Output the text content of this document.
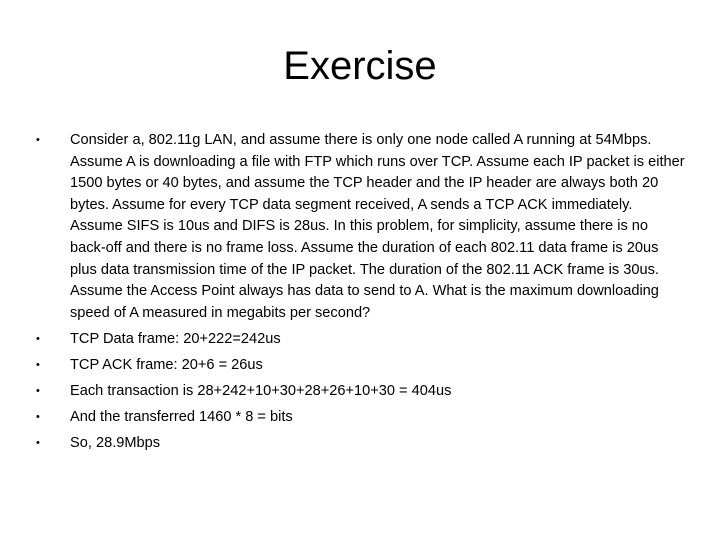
Exercise
• Consider a, 802.11g LAN, and assume there is only one node called A running at 54Mbps. Assume A is downloading a file with FTP which runs over TCP. Assume each IP packet is either 1500 bytes or 40 bytes, and assume the TCP header and the IP header are always both 20 bytes. Assume for every TCP data segment received, A sends a TCP ACK immediately. Assume SIFS is 10us and DIFS is 28us. In this problem, for simplicity, assume there is no back-off and there is no frame loss. Assume the duration of each 802.11 data frame is 20us plus data transmission time of the IP packet. The duration of the 802.11 ACK frame is 30us. Assume the Access Point always has data to send to A. What is the maximum downloading speed of A measured in megabits per second?
• TCP Data frame: 20+222=242us
• TCP ACK frame: 20+6 = 26us
• Each transaction is 28+242+10+30+28+26+10+30 = 404us
• And the transferred 1460 * 8 = bits
• So, 28.9Mbps
